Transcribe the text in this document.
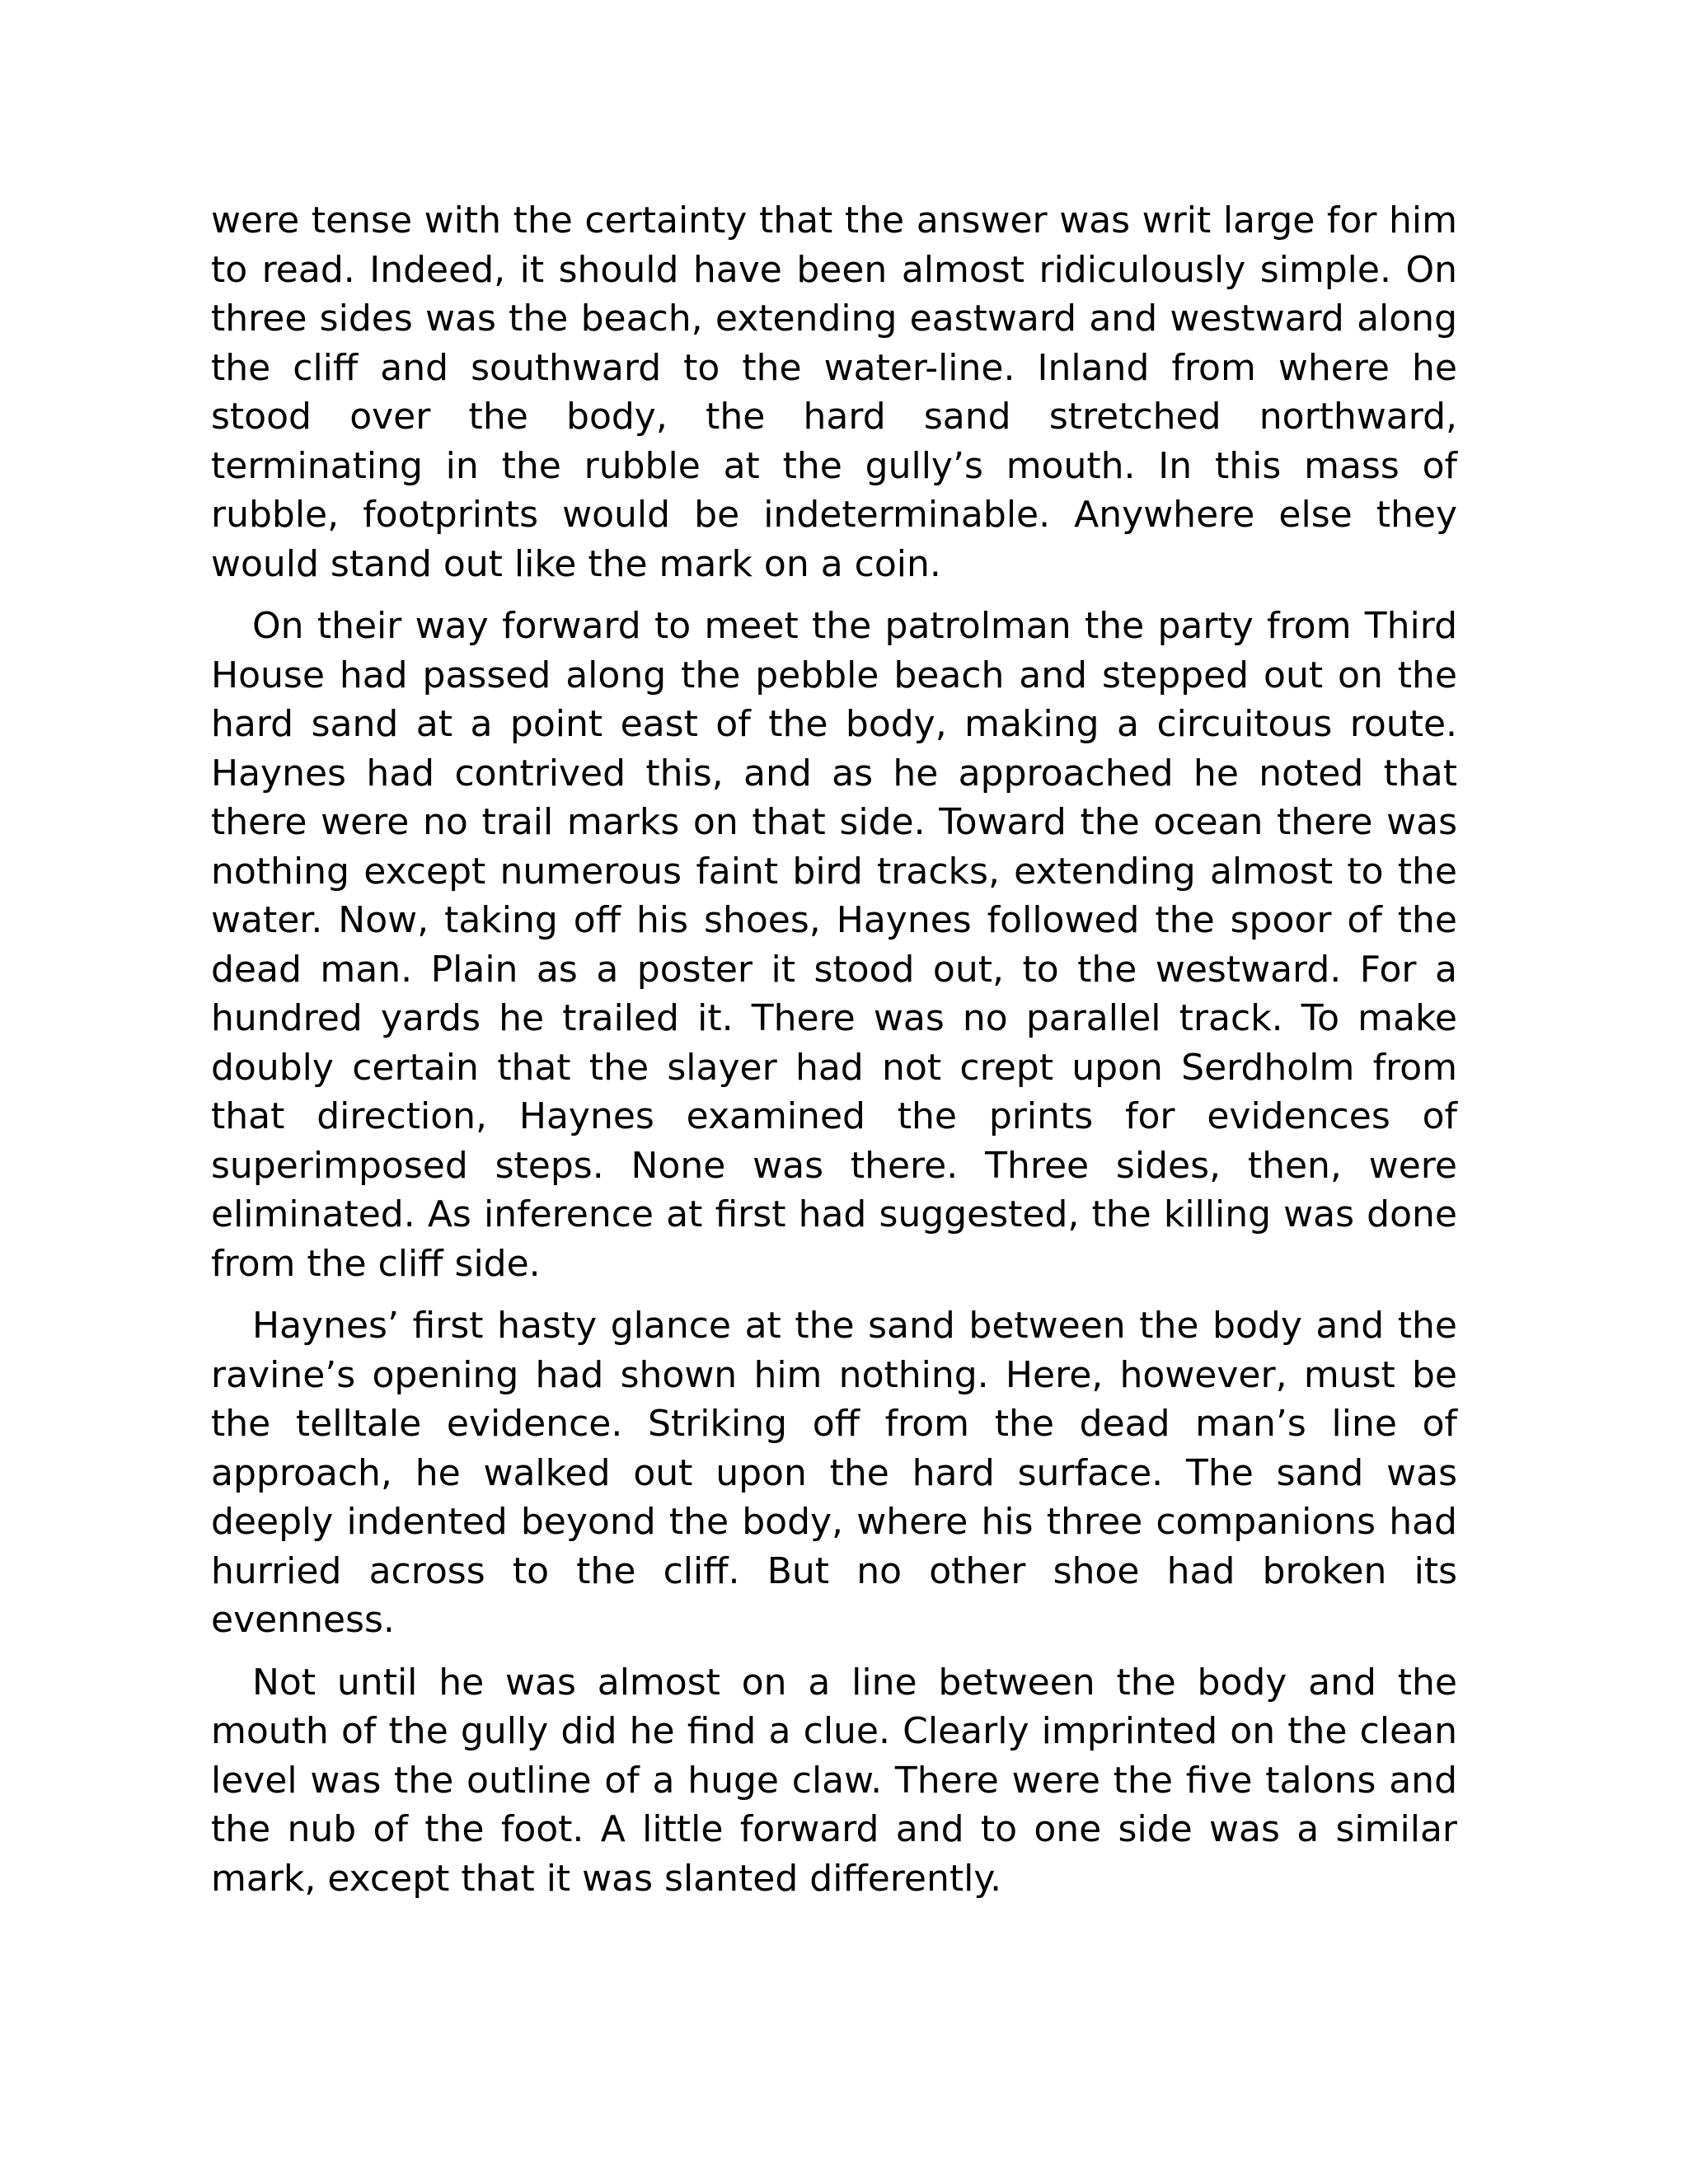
were tense with the certainty that the answer was writ large for him to read. Indeed, it should have been almost ridiculously simple. On three sides was the beach, extending eastward and westward along the cliff and southward to the water-line. Inland from where he stood over the body, the hard sand stretched northward, terminating in the rubble at the gully’s mouth. In this mass of rubble, footprints would be indeterminable. Anywhere else they would stand out like the mark on a coin.

On their way forward to meet the patrolman the party from Third House had passed along the pebble beach and stepped out on the hard sand at a point east of the body, making a circuitous route. Haynes had contrived this, and as he approached he noted that there were no trail marks on that side. Toward the ocean there was nothing except numerous faint bird tracks, extending almost to the water. Now, taking off his shoes, Haynes followed the spoor of the dead man. Plain as a poster it stood out, to the westward. For a hundred yards he trailed it. There was no parallel track. To make doubly certain that the slayer had not crept upon Serdholm from that direction, Haynes examined the prints for evidences of superimposed steps. None was there. Three sides, then, were eliminated. As inference at first had suggested, the killing was done from the cliff side.

Haynes’ first hasty glance at the sand between the body and the ravine’s opening had shown him nothing. Here, however, must be the telltale evidence. Striking off from the dead man’s line of approach, he walked out upon the hard surface. The sand was deeply indented beyond the body, where his three companions had hurried across to the cliff. But no other shoe had broken its evenness.

Not until he was almost on a line between the body and the mouth of the gully did he find a clue. Clearly imprinted on the clean level was the outline of a huge claw. There were the five talons and the nub of the foot. A little forward and to one side was a similar mark, except that it was slanted differently.
